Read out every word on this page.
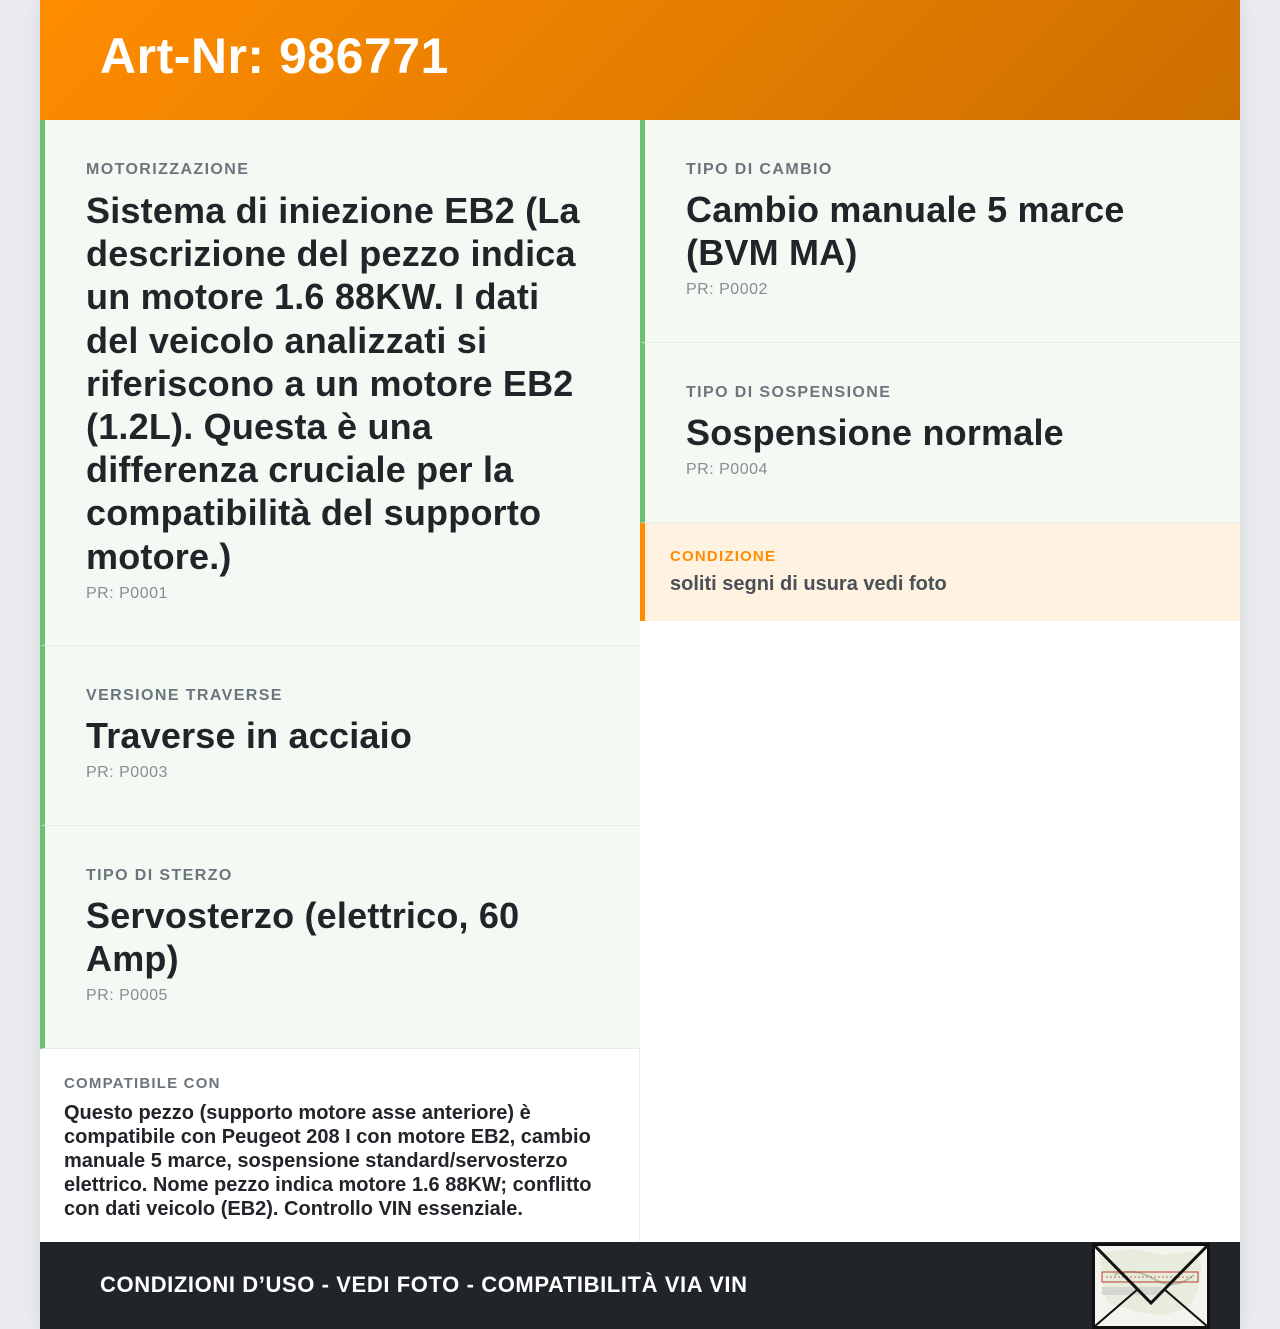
Art-Nr: 986771
MOTORIZZAZIONE
Sistema di iniezione EB2 (La descrizione del pezzo indica un motore 1.6 88KW. I dati del veicolo analizzati si riferiscono a un motore EB2 (1.2L). Questa è una differenza cruciale per la compatibilità del supporto motore.)
PR: P0001
VERSIONE TRAVERSE
Traverse in acciaio
PR: P0003
TIPO DI STERZO
Servosterzo (elettrico, 60 Amp)
PR: P0005
COMPATIBILE CON
Questo pezzo (supporto motore asse anteriore) è compatibile con Peugeot 208 I con motore EB2, cambio manuale 5 marce, sospensione standard/servosterzo elettrico. Nome pezzo indica motore 1.6 88KW; conflitto con dati veicolo (EB2). Controllo VIN essenziale.
TIPO DI CAMBIO
Cambio manuale 5 marce (BVM MA)
PR: P0002
TIPO DI SOSPENSIONE
Sospensione normale
PR: P0004
CONDIZIONE
soliti segni di usura vedi foto
CONDIZIONI D’USO - VEDI FOTO - COMPATIBILITÀ VIA VIN
